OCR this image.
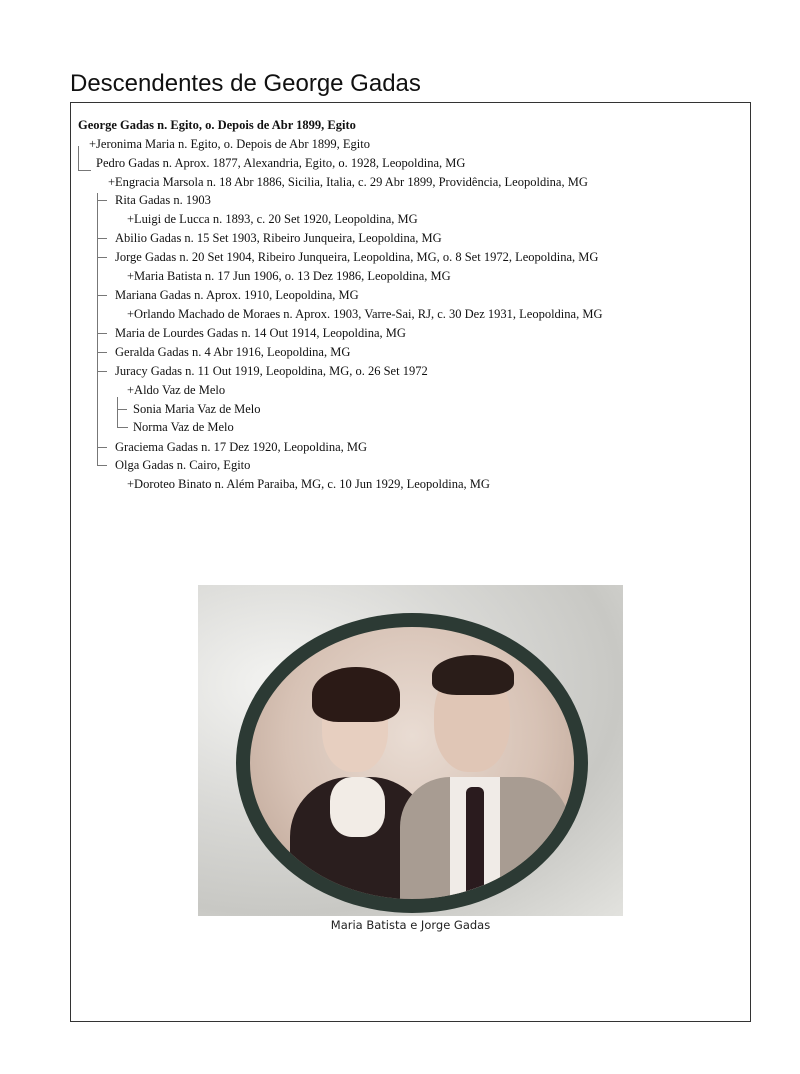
Descendentes de George Gadas
George Gadas n. Egito, o. Depois de Abr 1899, Egito
+Jeronima Maria n. Egito, o. Depois de Abr 1899, Egito
Pedro Gadas n. Aprox. 1877, Alexandria, Egito, o. 1928, Leopoldina, MG
+Engracia Marsola n. 18 Abr 1886, Sicilia, Italia, c. 29 Abr 1899, Providência, Leopoldina, MG
Rita Gadas n. 1903
+Luigi de Lucca n. 1893, c. 20 Set 1920, Leopoldina, MG
Abilio Gadas n. 15 Set 1903, Ribeiro Junqueira, Leopoldina, MG
Jorge Gadas n. 20 Set 1904, Ribeiro Junqueira, Leopoldina, MG, o. 8 Set 1972, Leopoldina, MG
+Maria Batista n. 17 Jun 1906, o. 13 Dez 1986, Leopoldina, MG
Mariana Gadas n. Aprox. 1910, Leopoldina, MG
+Orlando Machado de Moraes n. Aprox. 1903, Varre-Sai, RJ, c. 30 Dez 1931, Leopoldina, MG
Maria de Lourdes Gadas n. 14 Out 1914, Leopoldina, MG
Geralda Gadas n. 4 Abr 1916, Leopoldina, MG
Juracy Gadas n. 11 Out 1919, Leopoldina, MG, o. 26 Set 1972
+Aldo Vaz de Melo
Sonia Maria Vaz de Melo
Norma Vaz de Melo
Graciema Gadas n. 17 Dez 1920, Leopoldina, MG
Olga Gadas n. Cairo, Egito
+Doroteo Binato n. Além Paraiba, MG, c. 10 Jun 1929, Leopoldina, MG
Maria Batista e Jorge Gadas
